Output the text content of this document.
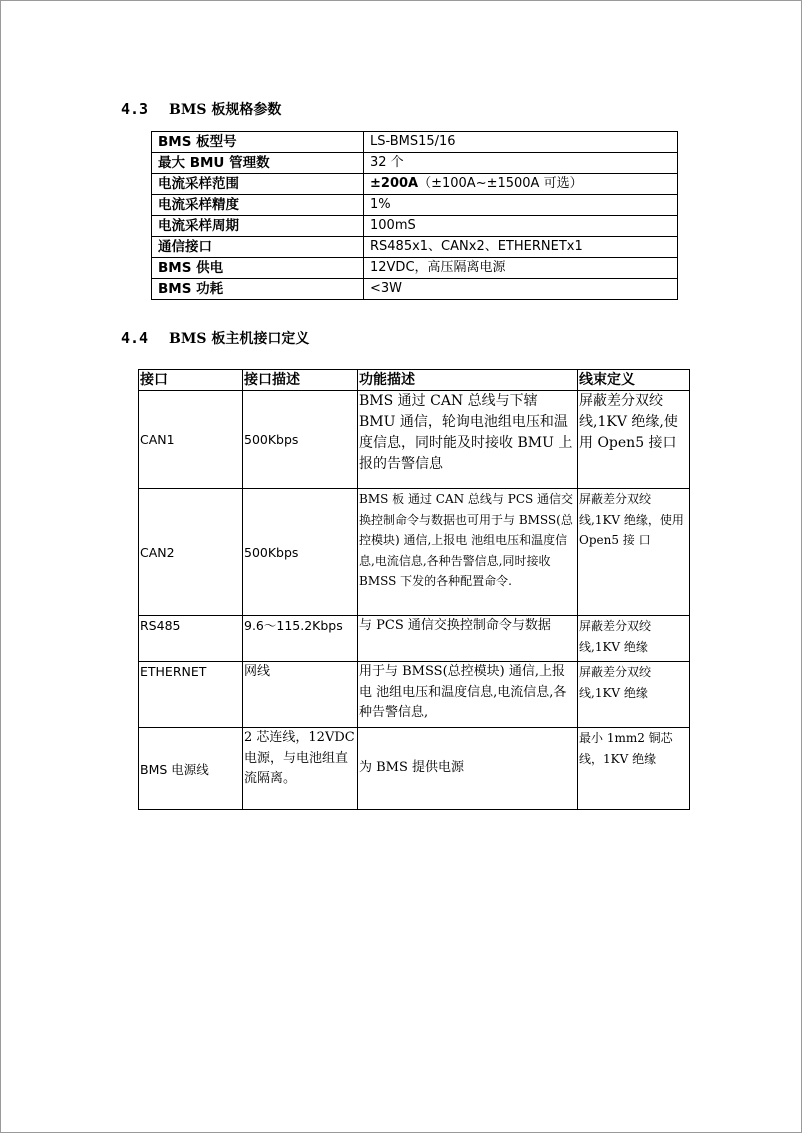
4.3 BMS 板规格参数
BMS 板型号	LS-BMS15/16
最大 BMU 管理数	32 个
电流采样范围	±200A（±100A~±1500A 可选）
电流采样精度	1%
电流采样周期	100mS
通信接口	RS485x1、CANx2、ETHERNETx1
BMS 供电	12VDC，高压隔离电源
BMS 功耗	<3W
4.4 BMS 板主机接口定义
接口	接口描述	功能描述	线束定义
CAN1	500Kbps	BMS 通过 CAN 总线与下辖 BMU 通信，轮询电池组电压和温度信息，同时能及时接收 BMU 上报的告警信息	屏蔽差分双绞线,1KV 绝缘,使用 Open5 接口
CAN2	500Kbps	BMS 板 通过 CAN 总线与 PCS 通信交换控制命令与数据也可用于与 BMSS(总控模块) 通信,上报电 池组电压和温度信息,电流信息,各种告警信息,同时接收 BMSS 下发的各种配置命令.	屏蔽差分双绞线,1KV 绝缘，使用 Open5 接 口
RS485	9.6～115.2Kbps	与 PCS 通信交换控制命令与数据	屏蔽差分双绞线,1KV 绝缘
ETHERNET	网线	用于与 BMSS(总控模块) 通信,上报电 池组电压和温度信息,电流信息,各种告警信息,	屏蔽差分双绞线,1KV 绝缘
BMS 电源线	2 芯连线，12VDC 电源，与电池组直流隔离。	为 BMS 提供电源	最小 1mm2 铜芯线，1KV 绝缘
